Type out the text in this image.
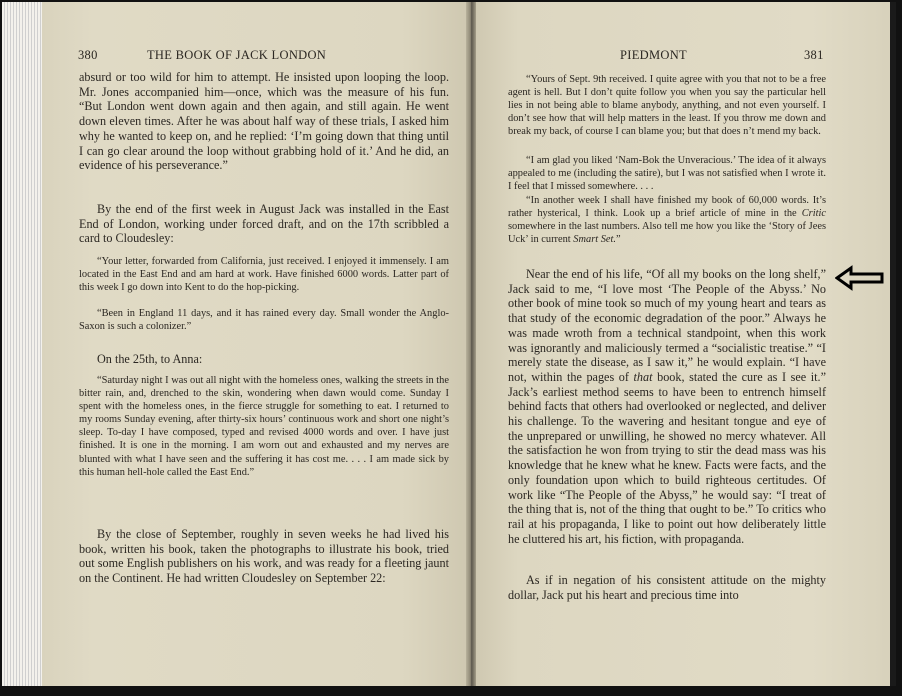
380	THE BOOK OF JACK LONDON

absurd or too wild for him to attempt. He insisted upon looping the loop. Mr. Jones accompanied him—once, which was the measure of his fun. “But London went down again and then again, and still again. He went down eleven times. After he was about half way of these trials, I asked him why he wanted to keep on, and he replied: ‘I’m going down that thing until I can go clear around the loop without grabbing hold of it.’ And he did, an evidence of his perseverance.”

By the end of the first week in August Jack was installed in the East End of London, working under forced draft, and on the 17th scribbled a card to Cloudesley:

“Your letter, forwarded from California, just received. I enjoyed it immensely. I am located in the East End and am hard at work. Have finished 6000 words. Latter part of this week I go down into Kent to do the hop-picking.

“Been in England 11 days, and it has rained every day. Small wonder the Anglo-Saxon is such a colonizer.”

On the 25th, to Anna:

“Saturday night I was out all night with the homeless ones, walking the streets in the bitter rain, and, drenched to the skin, wondering when dawn would come. Sunday I spent with the homeless ones, in the fierce struggle for something to eat. I returned to my rooms Sunday evening, after thirty-six hours’ continuous work and short one night’s sleep. To-day I have composed, typed and revised 4000 words and over. I have just finished. It is one in the morning. I am worn out and exhausted and my nerves are blunted with what I have seen and the suffering it has cost me. . . . I am made sick by this human hell-hole called the East End.”

By the close of September, roughly in seven weeks he had lived his book, written his book, taken the photographs to illustrate his book, tried out some English publishers on his work, and was ready for a fleeting jaunt on the Continent. He had written Cloudesley on September 22:

PIEDMONT	381

“Yours of Sept. 9th received. I quite agree with you that not to be a free agent is hell. But I don’t quite follow you when you say the particular hell lies in not being able to blame anybody, anything, and not even yourself. I don’t see how that will help matters in the least. If you throw me down and break my back, of course I can blame you; but that does n’t mend my back.

“I am glad you liked ‘Nam-Bok the Unveracious.’ The idea of it always appealed to me (including the satire), but I was not satisfied when I wrote it. I feel that I missed somewhere. . . .

“In another week I shall have finished my book of 60,000 words. It’s rather hysterical, I think. Look up a brief article of mine in the Critic somewhere in the last numbers. Also tell me how you like the ‘Story of Jees Uck’ in current Smart Set.”

Near the end of his life, “Of all my books on the long shelf,” Jack said to me, “I love most ‘The People of the Abyss.’ No other book of mine took so much of my young heart and tears as that study of the economic degradation of the poor.” Always he was made wroth from a technical standpoint, when this work was ignorantly and maliciously termed a “socialistic treatise.” “I merely state the disease, as I saw it,” he would explain. “I have not, within the pages of that book, stated the cure as I see it.” Jack’s earliest method seems to have been to entrench himself behind facts that others had overlooked or neglected, and deliver his challenge. To the wavering and hesitant tongue and eye of the unprepared or unwilling, he showed no mercy whatever. All the satisfaction he won from trying to stir the dead mass was his knowledge that he knew what he knew. Facts were facts, and the only foundation upon which to build righteous certitudes. Of work like “The People of the Abyss,” he would say: “I treat of the thing that is, not of the thing that ought to be.” To critics who rail at his propaganda, I like to point out how deliberately little he cluttered his art, his fiction, with propaganda.

As if in negation of his consistent attitude on the mighty dollar, Jack put his heart and precious time into
